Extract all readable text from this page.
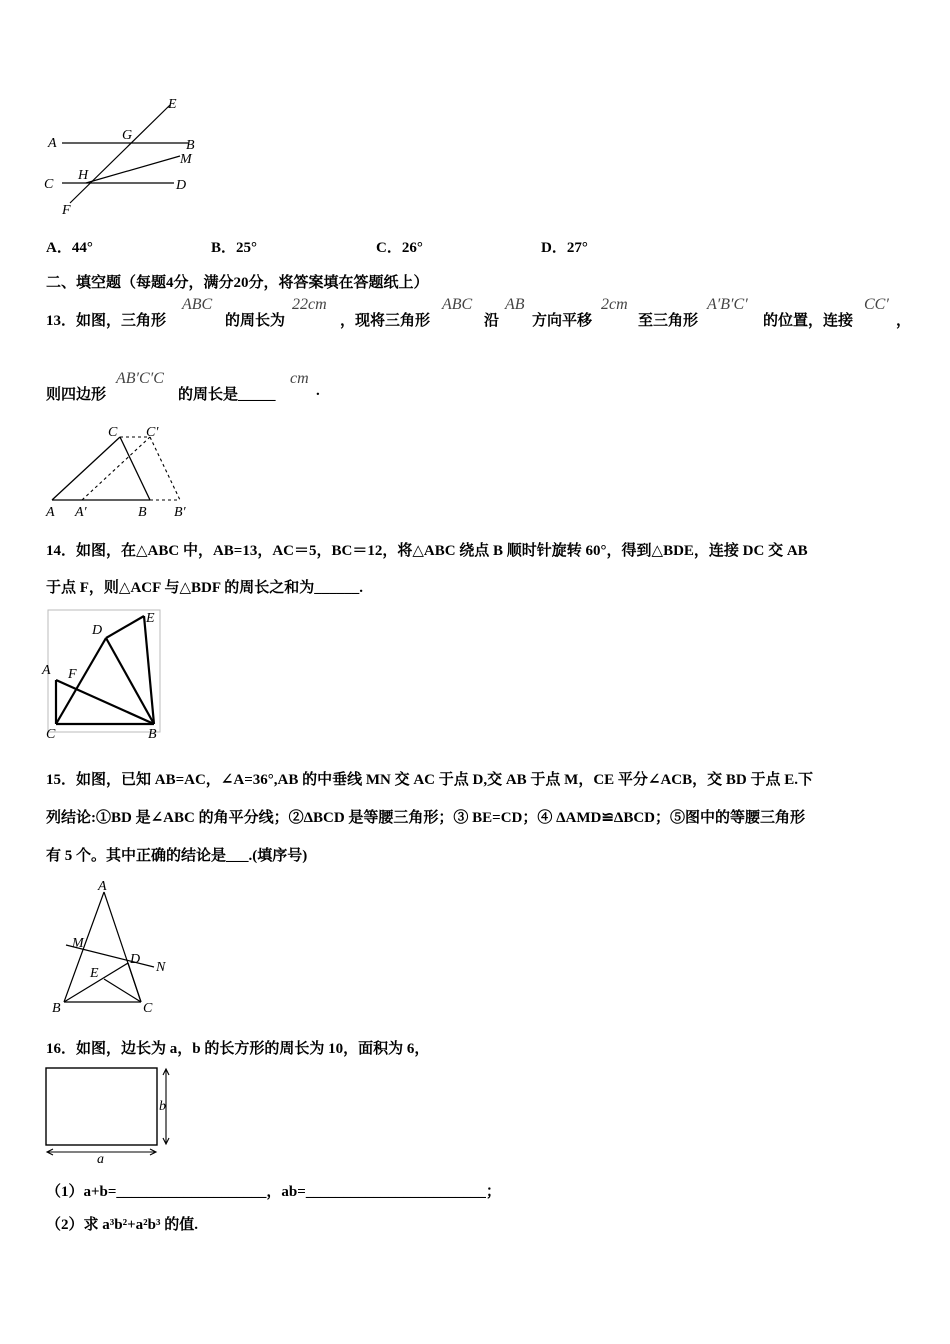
E
A
G
B
M
C
H
D
F
A．44°	B．25°	C．26°	D．27°
二、填空题（每题4分，满分20分，将答案填在答题纸上）
13．如图，三角形
ABC
的周长为
22cm
，现将三角形
ABC
沿
AB
方向平移
2cm
至三角形
A′B′C′
的位置，连接
CC′
，
则四边形
AB′C′C
的周长是_____
cm
.
C C′
A A′	B B′
14．如图，在△ABC 中，AB=13，AC＝5，BC＝12，将△ABC 绕点 B 顺时针旋转 60°，得到△BDE，连接 DC 交 AB
于点 F，则△ACF 与△BDF 的周长之和为______.
D
E
A F
C	B
15．如图，已知 AB=AC，∠A=36°,AB 的中垂线 MN 交 AC 于点 D,交 AB 于点 M，CE 平分∠ACB，交 BD 于点 E.下
列结论:①BD 是∠ABC 的角平分线；②ΔBCD 是等腰三角形；③ BE=CD；④ ΔAMD≌ΔBCD；⑤图中的等腰三角形
有 5 个。其中正确的结论是___.(填序号)
A
M
D
N
E
B	C
16．如图，边长为 a，b 的长方形的周长为 10，面积为 6，
b
a
（1）a+b=____________________，ab=________________________；
（2）求 a³b²+a²b³ 的值.
